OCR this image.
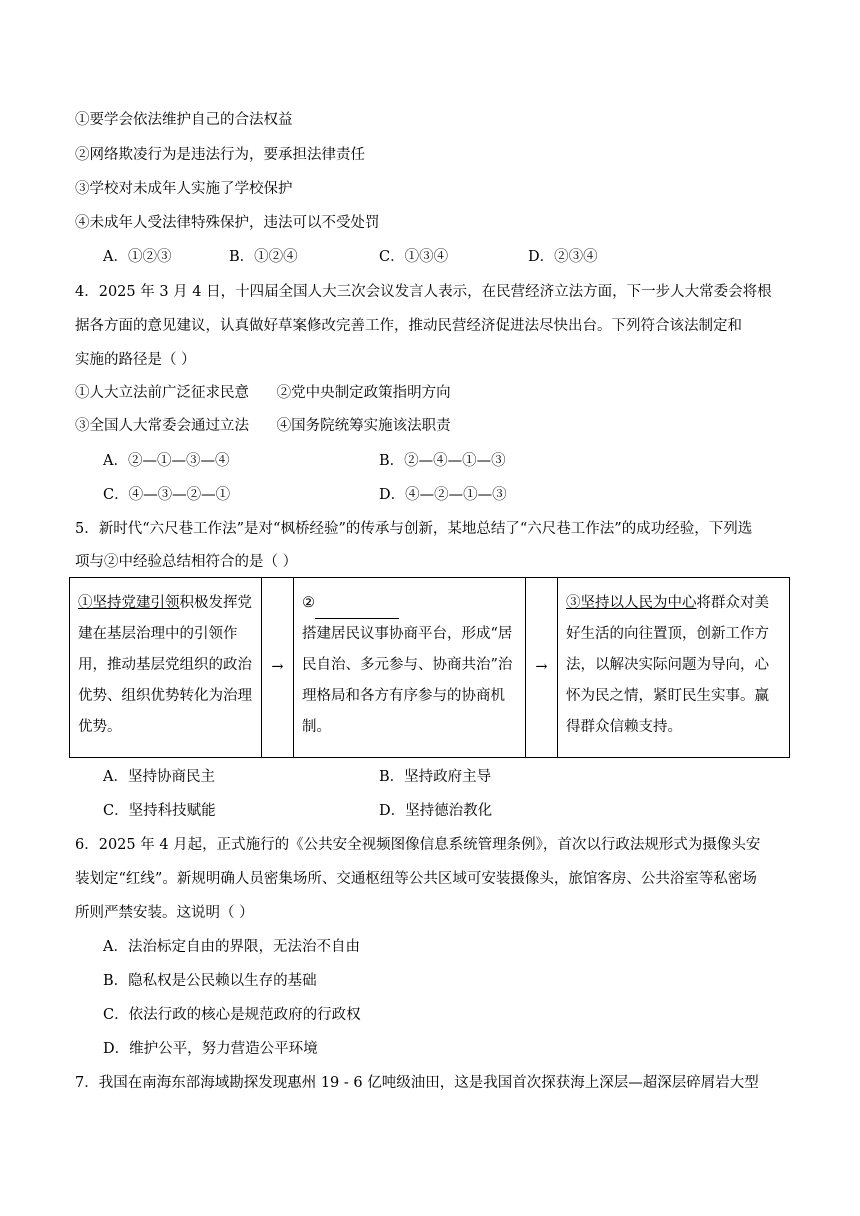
①要学会依法维护自己的合法权益
②网络欺凌行为是违法行为，要承担法律责任
③学校对未成年人实施了学校保护
④未成年人受法律特殊保护，违法可以不受处罚
A．①②③	B．①②④	C．①③④	D．②③④
4．2025 年 3 月 4 日，十四届全国人大三次会议发言人表示，在民营经济立法方面，下一步人大常委会将根
据各方面的意见建议，认真做好草案修改完善工作，推动民营经济促进法尽快出台。下列符合该法制定和
实施的路径是（ ）
①人大立法前广泛征求民意      ②党中央制定政策指明方向
③全国人大常委会通过立法      ④国务院统筹实施该法职责
A．②—①—③—④	B．②—④—①—③
C．④—③—②—①	D．④—②—①—③
5．新时代“六尺巷工作法”是对“枫桥经验”的传承与创新，某地总结了“六尺巷工作法”的成功经验，下列选
项与②中经验总结相符合的是（ ）
①坚持党建引领积极发挥党建在基层治理中的引领作用，推动基层党组织的政治优势、组织优势转化为治理优势。
→
②
搭建居民议事协商平台，形成“居民自治、多元参与、协商共治”治理格局和各方有序参与的协商机制。
→
③坚持以人民为中心将群众对美好生活的向往置顶，创新工作方法，以解决实际问题为导向，心怀为民之情，紧盯民生实事。赢得群众信赖支持。
A．坚持协商民主	B．坚持政府主导
C．坚持科技赋能	D．坚持德治教化
6．2025 年 4 月起，正式施行的《公共安全视频图像信息系统管理条例》，首次以行政法规形式为摄像头安
装划定“红线”。新规明确人员密集场所、交通枢纽等公共区域可安装摄像头，旅馆客房、公共浴室等私密场
所则严禁安装。这说明（ ）
A．法治标定自由的界限，无法治不自由
B．隐私权是公民赖以生存的基础
C．依法行政的核心是规范政府的行政权
D．维护公平，努力营造公平环境
7．我国在南海东部海域勘探发现惠州 19 - 6 亿吨级油田，这是我国首次探获海上深层—超深层碎屑岩大型
